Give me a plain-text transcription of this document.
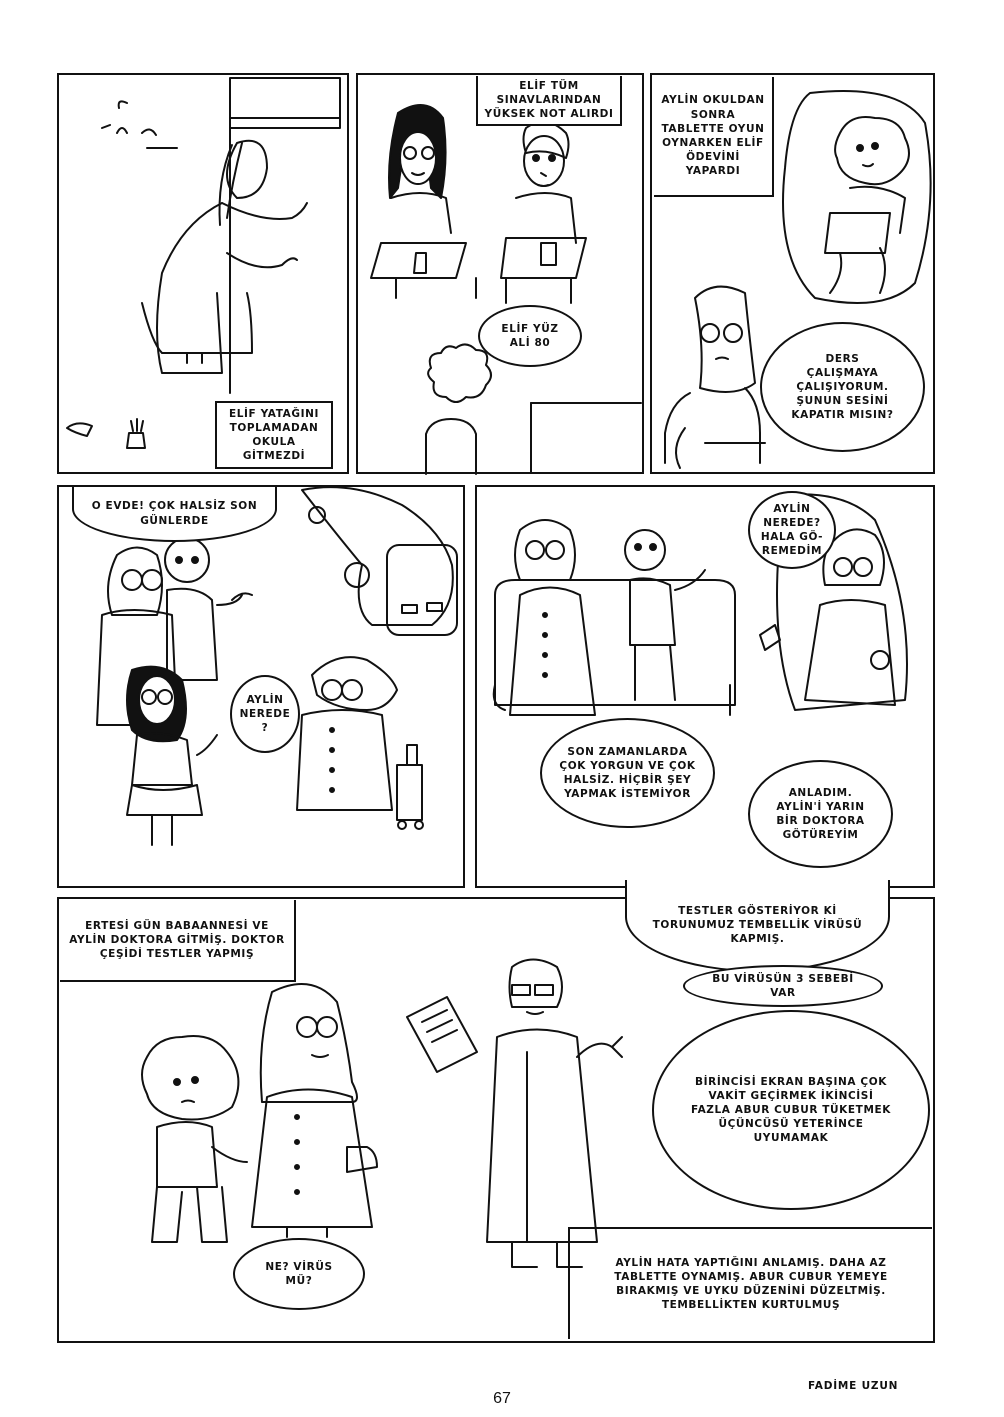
ELİF YATAĞINI
TOPLAMADAN
OKULA GİTMEZDİ
ELİF TÜM
SINAVLARINDAN
YÜKSEK NOT ALIRDI
ELİF YÜZ
ALİ 80
AYLİN OKULDAN
SONRA
TABLETTE OYUN
OYNARKEN ELİF
ÖDEVİNİ
YAPARDI
DERS
ÇALIŞMAYA
ÇALIŞIYORUM.
ŞUNUN SESİNİ
KAPATIR MISIN?
O EVDE! ÇOK HALSİZ SON
GÜNLERDE
AYLİN
NEREDE
?
AYLİN
NEREDE?
HALA GÖ-
REMEDİM
SON ZAMANLARDA
ÇOK YORGUN VE ÇOK
HALSİZ. HİÇBİR ŞEY
YAPMAK İSTEMİYOR	ANLADIM.
AYLİN'İ YARIN
BİR DOKTORA
GÖTÜREYİM
ERTESİ GÜN BABAANNESİ VE
AYLİN DOKTORA GİTMİŞ. DOKTOR
ÇEŞİDİ TESTLER YAPMIŞ
TESTLER GÖSTERİYOR Kİ
TORUNUMUZ TEMBELLİK VİRÜSÜ
KAPMIŞ.
BU VİRÜSÜN 3 SEBEBİ VAR
BİRİNCİSİ EKRAN BAŞINA ÇOK
VAKİT GEÇİRMEK İKİNCİSİ
FAZLA ABUR CUBUR TÜKETMEK
ÜÇÜNCÜSÜ YETERİNCE
UYUMAMAK
NE? VİRÜS
MÜ?
AYLİN HATA YAPTIĞINI ANLAMIŞ. DAHA AZ
TABLETTE OYNAMIŞ. ABUR CUBUR YEMEYE
BIRAKMIŞ VE UYKU DÜZENİNİ DÜZELTMİŞ.
TEMBELLİKTEN KURTULMUŞ
67
FADİME UZUN
